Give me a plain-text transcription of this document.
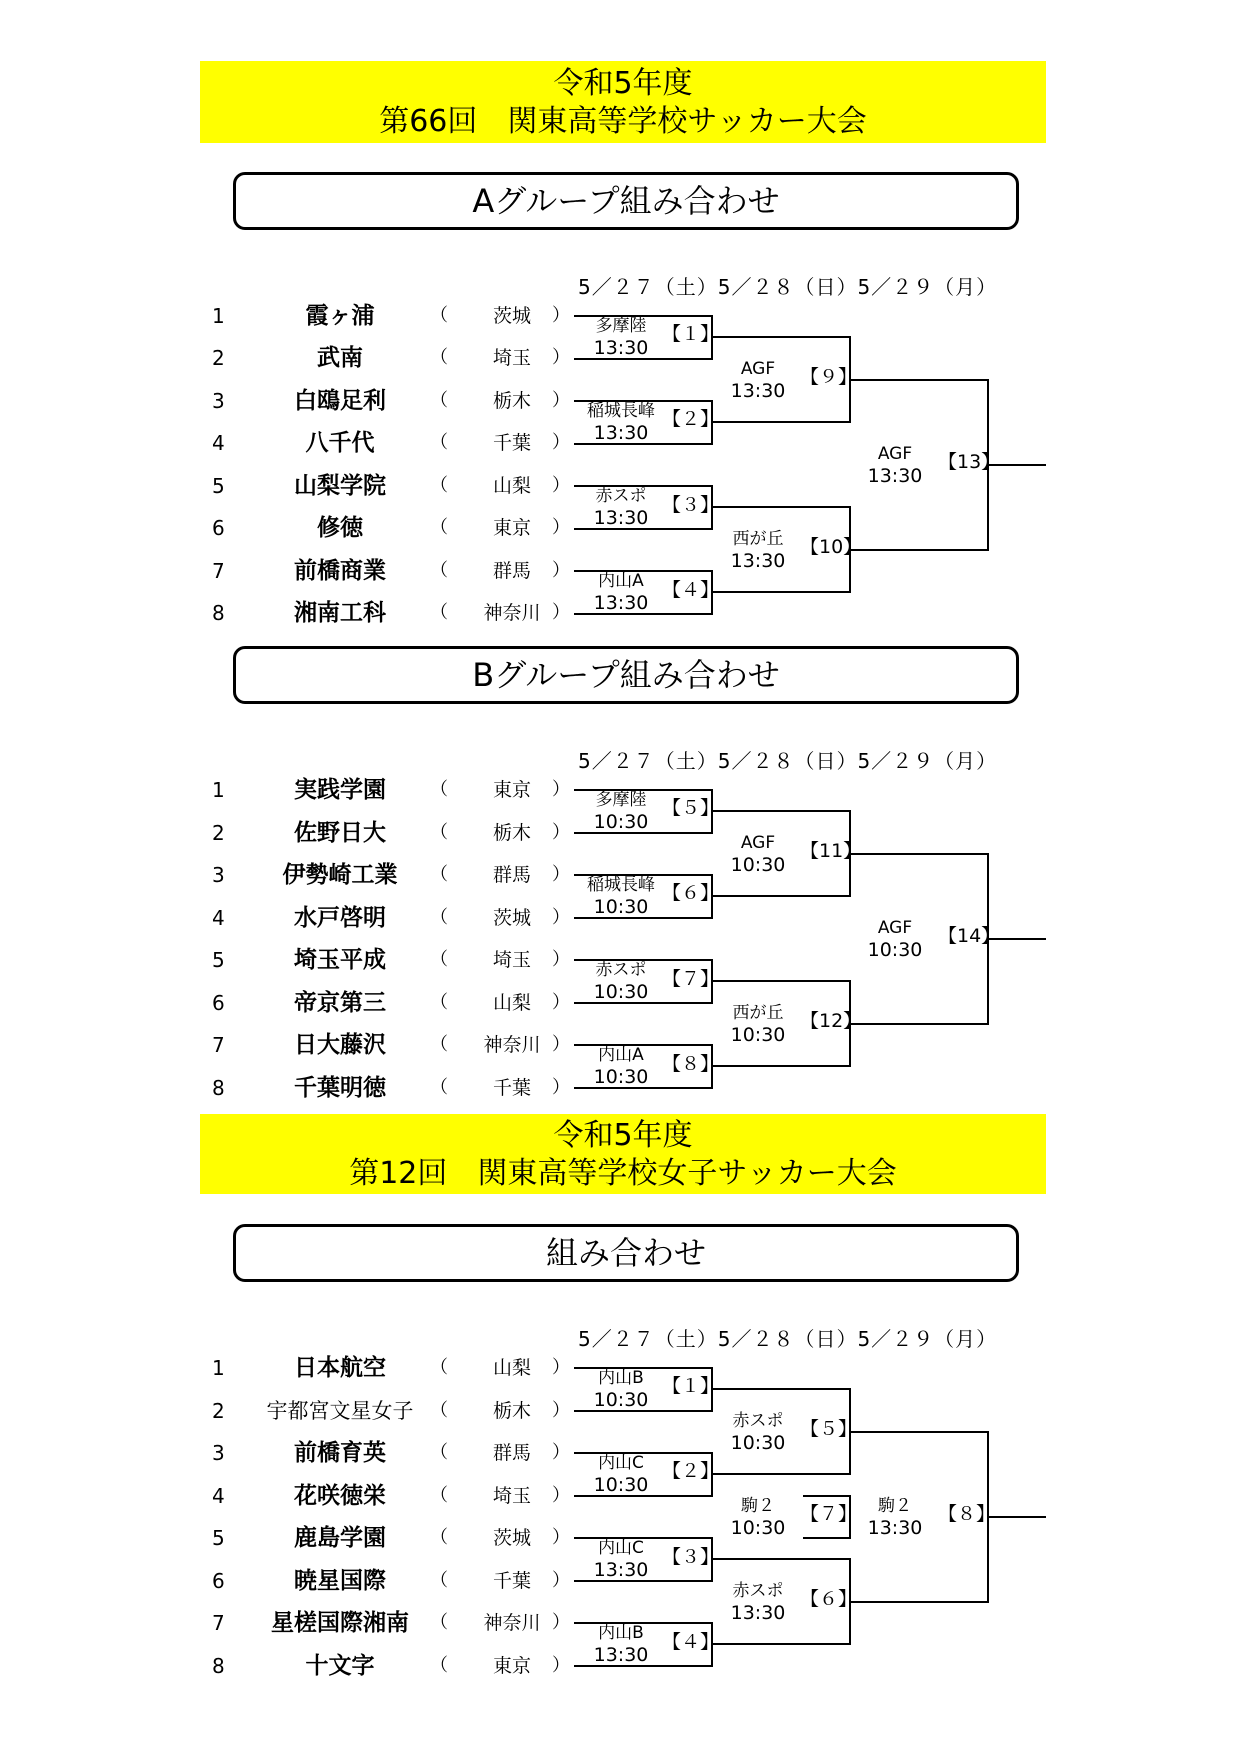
令和5年度
第66回　関東高等学校サッカー大会
Aグループ組み合わせ
5／２７（土）5／２８（日）5／２９（月）
1	霞ヶ浦	（	茨城	）
2	武南	（	埼玉	）
3	白鴎足利	（	栃木	）
4	八千代	（	千葉	）
5	山梨学院	（	山梨	）
6	修徳	（	東京	）
7	前橋商業	（	群馬	）
8	湘南工科	（	神奈川 ）
多摩陸
13:30
【１】
稲城長峰
13:30
【２】
赤スポ
13:30
【３】
内山A
13:30
【４】
AGF
13:30
【９】
西が丘
13:30
【10】
AGF
13:30
【13】
Bグループ組み合わせ
5／２７（土）5／２８（日）5／２９（月）
1	実践学園	（	東京	）
2	佐野日大	（	栃木	）
3	伊勢崎工業	（	群馬	）
4	水戸啓明	（	茨城	）
5	埼玉平成	（	埼玉	）
6	帝京第三	（	山梨	）
7	日大藤沢	（	神奈川 ）
8	千葉明徳	（	千葉	）
多摩陸
10:30
【５】
稲城長峰
10:30
【６】
赤スポ
10:30
【７】
内山A
10:30
【８】
AGF
10:30
【11】
西が丘
10:30
【12】
AGF
10:30
【14】
令和5年度
第12回　関東高等学校女子サッカー大会
組み合わせ
5／２７（土）5／２８（日）5／２９（月）
1	日本航空	（	山梨	）
2	宇都宮文星女子 （	栃木	）
3	前橋育英	（	群馬	）
4	花咲徳栄	（	埼玉	）
5	鹿島学園	（	茨城	）
6	暁星国際	（	千葉	）
7	星槎国際湘南	（	神奈川 ）
8	十文字	（	東京	）
内山B
10:30
【１】
内山C
10:30
【２】
内山C
13:30
【３】
内山B
13:30
【４】
赤スポ
10:30
【５】
赤スポ
13:30
【６】
駒２
10:30
【７】	駒２
13:30
【８】
